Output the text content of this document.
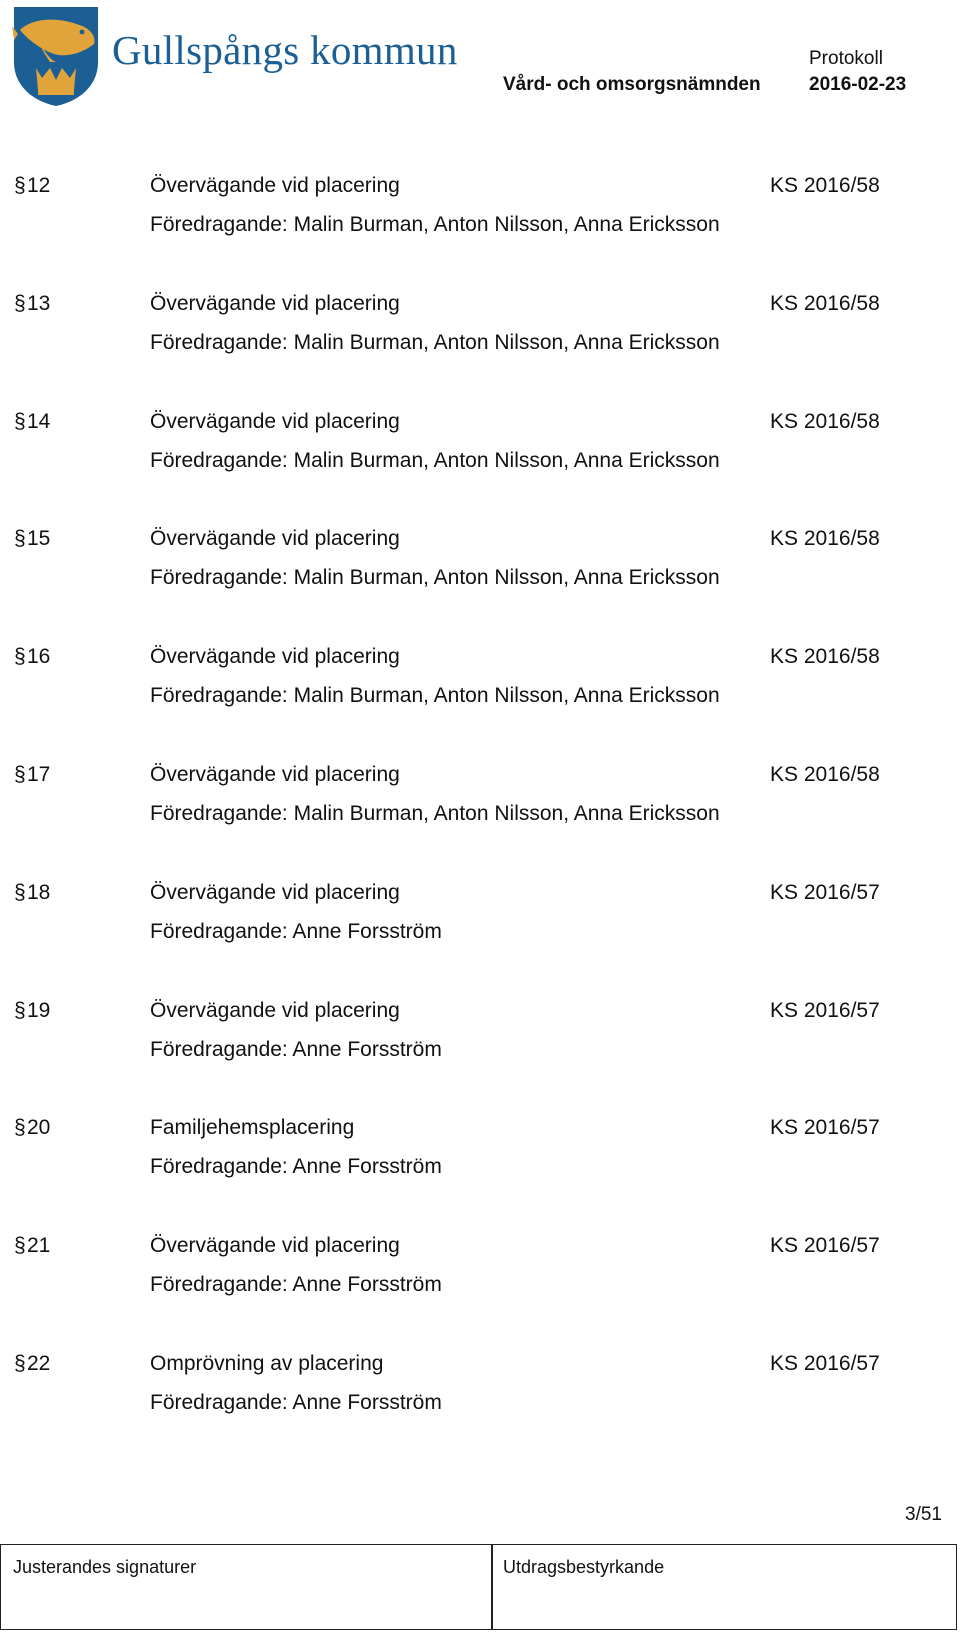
Gullspångs kommun	Protokoll
Vård- och omsorgsnämnden	2016-02-23
§ 12	Övervägande vid placering	KS 2016/58
Föredragande: Malin Burman, Anton Nilsson, Anna Ericksson
§ 13	Övervägande vid placering	KS 2016/58
Föredragande: Malin Burman, Anton Nilsson, Anna Ericksson
§ 14	Övervägande vid placering	KS 2016/58
Föredragande: Malin Burman, Anton Nilsson, Anna Ericksson
§ 15	Övervägande vid placering	KS 2016/58
Föredragande: Malin Burman, Anton Nilsson, Anna Ericksson
§ 16	Övervägande vid placering	KS 2016/58
Föredragande: Malin Burman, Anton Nilsson, Anna Ericksson
§ 17	Övervägande vid placering	KS 2016/58
Föredragande: Malin Burman, Anton Nilsson, Anna Ericksson
§ 18	Övervägande vid placering	KS 2016/57
Föredragande: Anne Forsström
§ 19	Övervägande vid placering	KS 2016/57
Föredragande: Anne Forsström
§ 20	Familjehemsplacering	KS 2016/57
Föredragande: Anne Forsström
§ 21	Övervägande vid placering	KS 2016/57
Föredragande: Anne Forsström
§ 22	Omprövning av placering	KS 2016/57
Föredragande: Anne Forsström
3/51
Justerandes signaturer	Utdragsbestyrkande
